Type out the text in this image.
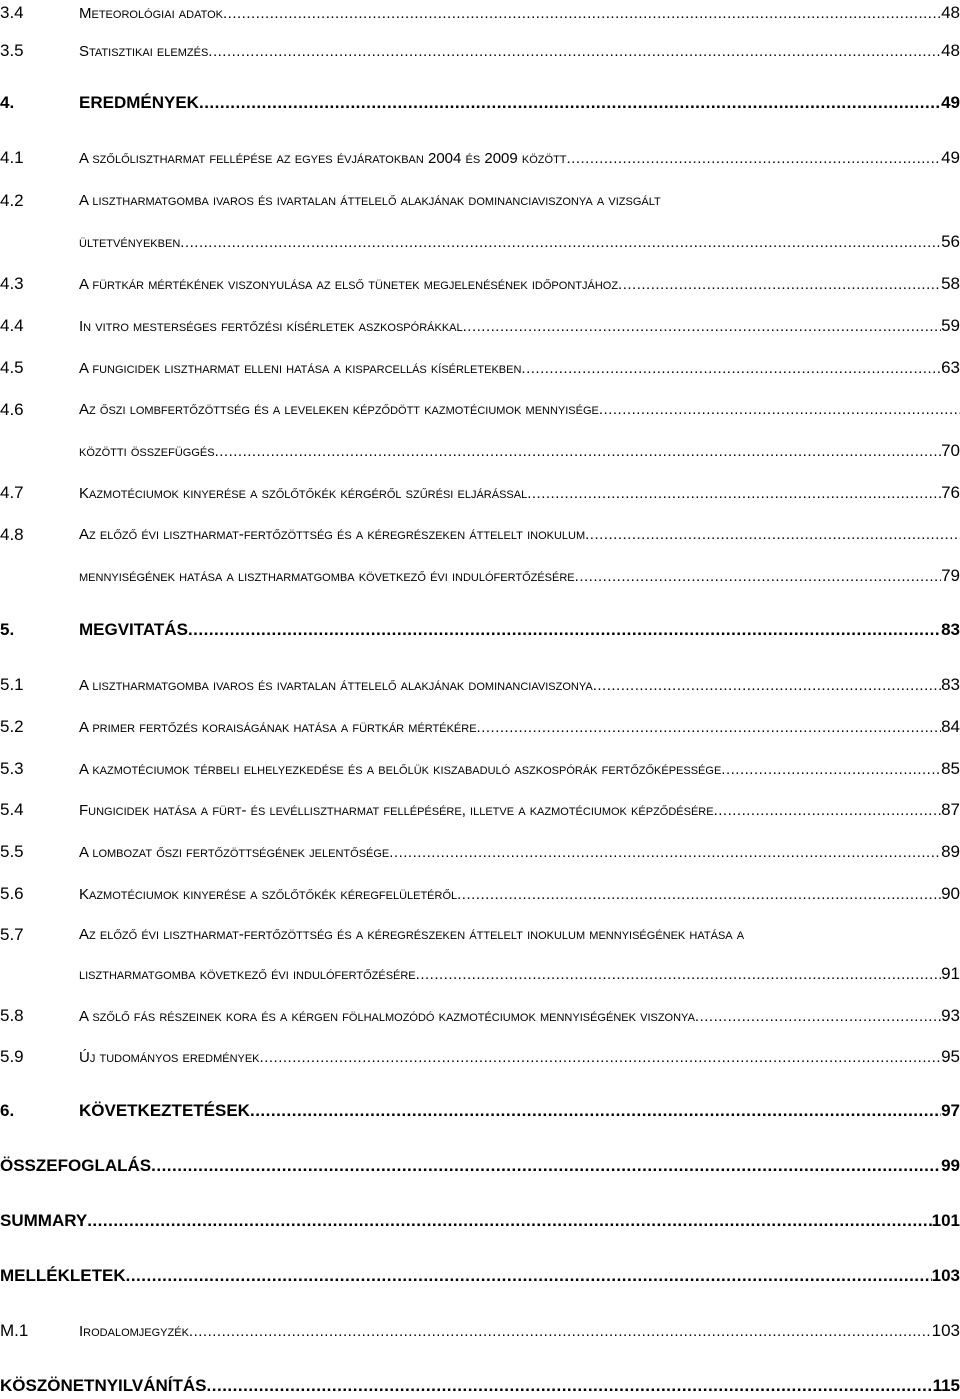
3.4	Meteorológiai adatok .....	48
3.5	Statisztikai elemzés .....	48
4.	EREDMÉNYEK .....	49
4.1	A szőlőlisztharmat fellépése az egyes évjáratokban 2004 és 2009 között .....	49
4.2	A lisztharmatgomba ivaros és ivartalan áttelelő alakjának dominanciaviszonya a vizsgált
ültetvényekben .....	56
4.3	A fürtkár mértékének viszonyulása az első tünetek megjelenésének időpontjához .....	58
4.4	In vitro mesterséges fertőzési kísérletek aszkospórákkal .....	59
4.5	A fungicidek lisztharmat elleni hatása a kisparcellás kísérletekben .....	63
4.6	Az őszi lombfertőzöttség és a leveleken képződött kazmotéciumok mennyisége
.....
közötti összefüggés .....	70
4.7	Kazmotéciumok kinyerése a szőlőtőkék kérgéről szűrési eljárással .....	76
4.8	Az előző évi lisztharmat-fertőzöttség és a kéregrészeken áttelelt inokulum
.....
mennyiségének hatása a lisztharmatgomba következő évi indulófertőzésére .....	79
5.	MEGVITATÁS .....	83
5.1	A lisztharmatgomba ivaros és ivartalan áttelelő alakjának dominanciaviszonya .....	83
5.2	A primer fertőzés koraiságának hatása a fürtkár mértékére .....	84
5.3	A kazmotéciumok térbeli elhelyezkedése és a belőlük kiszabaduló aszkospórák fertőzőképessége .....	85
5.4	Fungicidek hatása a fürt- és levéllisztharmat fellépésére, illetve a kazmotéciumok képződésére .....	87
5.5	A lombozat őszi fertőzöttségének jelentősége .....	89
5.6	Kazmotéciumok kinyerése a szőlőtőkék kéregfelületéről .....	90
5.7	Az előző évi lisztharmat-fertőzöttség és a kéregrészeken áttelelt inokulum mennyiségének hatása a
lisztharmatgomba következő évi indulófertőzésére .....	91
5.8	A szőlő fás részeinek kora és a kérgen fölhalmozódó kazmotéciumok mennyiségének viszonya .....	93
5.9	Új tudományos eredmények .....	95
6.	KÖVETKEZTETÉSEK .....	97
ÖSSZEFOGLALÁS .....	99
SUMMARY .....	101
MELLÉKLETEK .....	103
M.1	Irodalomjegyzék .....	103
KÖSZÖNETNYILVÁNÍTÁS .....	115
